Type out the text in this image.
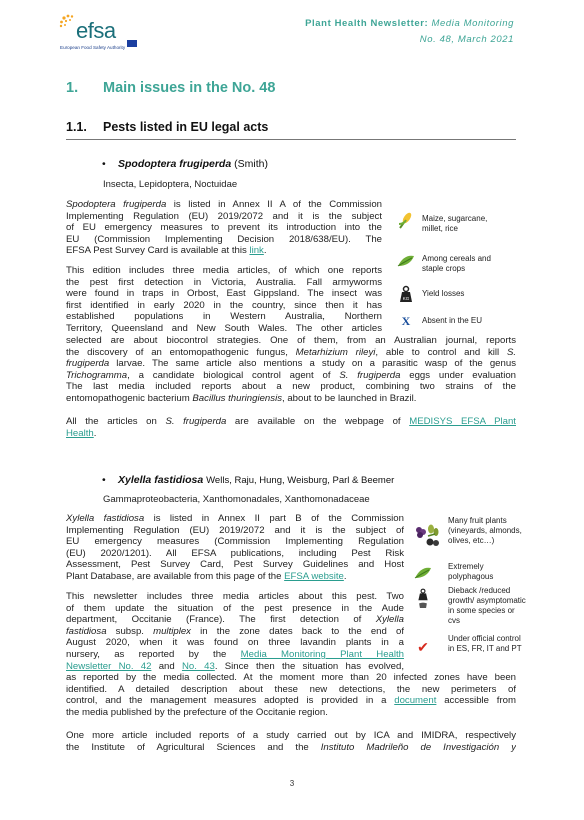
efsa
European Food Safety Authority
Plant Health Newsletter: Media Monitoring
No. 48, March 2021
1. Main issues in the No. 48
1.1. Pests listed in EU legal acts
• Spodoptera frugiperda (Smith)
Insecta, Lepidoptera, Noctuidae
Spodoptera frugiperda is listed in Annex II A of the Commission
Implementing Regulation (EU) 2019/2072 and it is the subject
of EU emergency measures to prevent its introduction into the
EU (Commission Implementing Decision 2018/638/EU). The
EFSA Pest Survey Card is available at this link.
This edition includes three media articles, of which one reports
the pest first detection in Victoria, Australia. Fall armyworms
were found in traps in Orbost, East Gippsland. The insect was
first identified in early 2020 in the country, since then it has
established populations in Western Australia, Northern
Territory, Queensland and New South Wales. The other articles
selected are about biocontrol strategies. One of them, from an Australian journal, reports
the discovery of an entomopathogenic fungus, Metarhizium rileyi, able to control and kill S.
frugiperda larvae. The same article also mentions a study on a parasitic wasp of the genus
Trichogramma, a candidate biological control agent of S. frugiperda eggs under evaluation
The last media included reports about a new product, combining two strains of the
entomopathogenic bacterium Bacillus thuringiensis, about to be launched in Brazil.
All the articles on S. frugiperda are available on the webpage of MEDISYS EFSA Plant
Health.
Maize, sugarcane, millet, rice
Among cereals and staple crops
KG
Yield losses
X	Absent in the EU
• Xylella fastidiosa Wells, Raju, Hung, Weisburg, Parl & Beemer
Gammaproteobacteria, Xanthomonadales, Xanthomonadaceae
Xylella fastidiosa is listed in Annex II part B of the Commission
Implementing Regulation (EU) 2019/2072 and it is the subject of
EU emergency measures (Commission Implementing Regulation
(EU) 2020/1201). All EFSA publications, including Pest Risk
Assessment, Pest Survey Card, Pest Survey Guidelines and Host
Plant Database, are available from this page of the EFSA website.
This newsletter includes three media articles about this pest. Two
of them update the situation of the pest presence in the Aude
department, Occitanie (France). The first detection of Xylella
fastidiosa subsp. multiplex in the zone dates back to the end of
August 2020, when it was found on three lavandin plants in a
nursery, as reported by the Media Monitoring Plant Health
Newsletter No. 42 and No. 43. Since then the situation has evolved,
as reported by the media collected. At the moment more than 20 infected zones have been
identified. A detailed description about these new detections, the new perimeters of
control, and the management measures adopted is provided in a document accessible from
the media published by the prefecture of the Occitanie region.
One more article included reports of a study carried out by ICA and IMIDRA, respectively
the Institute of Agricultural Sciences and the Instituto Madrileño de Investigación y
Many fruit plants (vineyards, almonds, olives, etc…)
Extremely polyphagous
Dieback /reduced growth/ asymptomatic in some species or cvs
✔
Under official control in ES, FR, IT and PT
3
